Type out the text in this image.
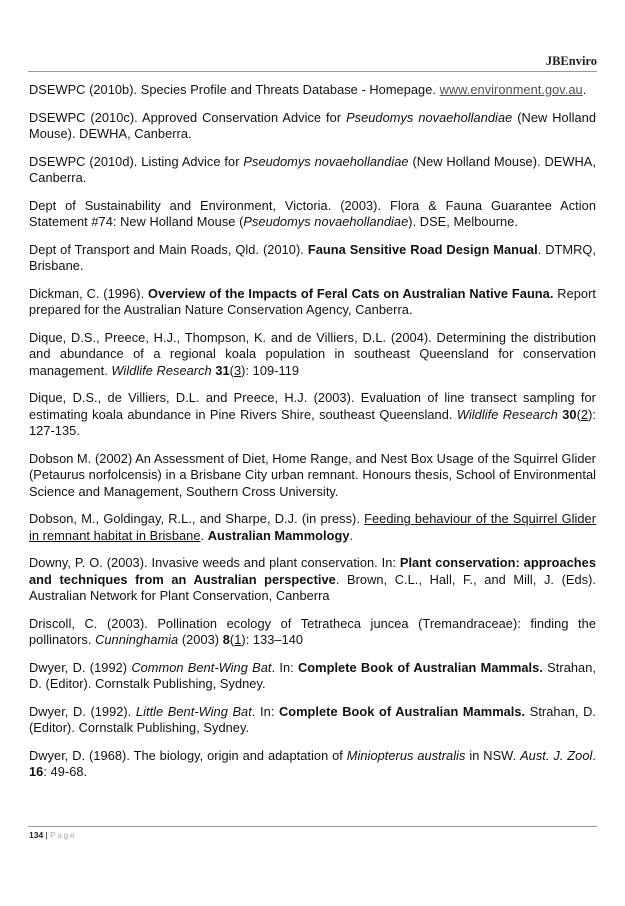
JBEnviro

DSEWPC (2010b). Species Profile and Threats Database - Homepage. www.environment.gov.au.

DSEWPC (2010c). Approved Conservation Advice for Pseudomys novaehollandiae (New Holland Mouse). DEWHA, Canberra.

DSEWPC (2010d). Listing Advice for Pseudomys novaehollandiae (New Holland Mouse). DEWHA, Canberra.

Dept of Sustainability and Environment, Victoria. (2003). Flora & Fauna Guarantee Action Statement #74: New Holland Mouse (Pseudomys novaehollandiae). DSE, Melbourne.

Dept of Transport and Main Roads, Qld. (2010). Fauna Sensitive Road Design Manual. DTMRQ, Brisbane.

Dickman, C. (1996). Overview of the Impacts of Feral Cats on Australian Native Fauna. Report prepared for the Australian Nature Conservation Agency, Canberra.

Dique, D.S., Preece, H.J., Thompson, K. and de Villiers, D.L. (2004). Determining the distribution and abundance of a regional koala population in southeast Queensland for conservation management. Wildlife Research 31(3): 109-119

Dique, D.S., de Villiers, D.L. and Preece, H.J. (2003). Evaluation of line transect sampling for estimating koala abundance in Pine Rivers Shire, southeast Queensland. Wildlife Research 30(2): 127-135.

Dobson M. (2002) An Assessment of Diet, Home Range, and Nest Box Usage of the Squirrel Glider (Petaurus norfolcensis) in a Brisbane City urban remnant. Honours thesis, School of Environmental Science and Management, Southern Cross University.

Dobson, M., Goldingay, R.L., and Sharpe, D.J. (in press). Feeding behaviour of the Squirrel Glider in remnant habitat in Brisbane. Australian Mammology.

Downy, P. O. (2003). Invasive weeds and plant conservation. In: Plant conservation: approaches and techniques from an Australian perspective. Brown, C.L., Hall, F., and Mill, J. (Eds). Australian Network for Plant Conservation, Canberra

Driscoll, C. (2003). Pollination ecology of Tetratheca juncea (Tremandraceae): finding the pollinators. Cunninghamia (2003) 8(1): 133–140

Dwyer, D. (1992) Common Bent-Wing Bat. In: Complete Book of Australian Mammals. Strahan, D. (Editor). Cornstalk Publishing, Sydney.

Dwyer, D. (1992). Little Bent-Wing Bat. In: Complete Book of Australian Mammals. Strahan, D. (Editor). Cornstalk Publishing, Sydney.

Dwyer, D. (1968). The biology, origin and adaptation of Miniopterus australis in NSW. Aust. J. Zool. 16: 49-68.

134 | Page
